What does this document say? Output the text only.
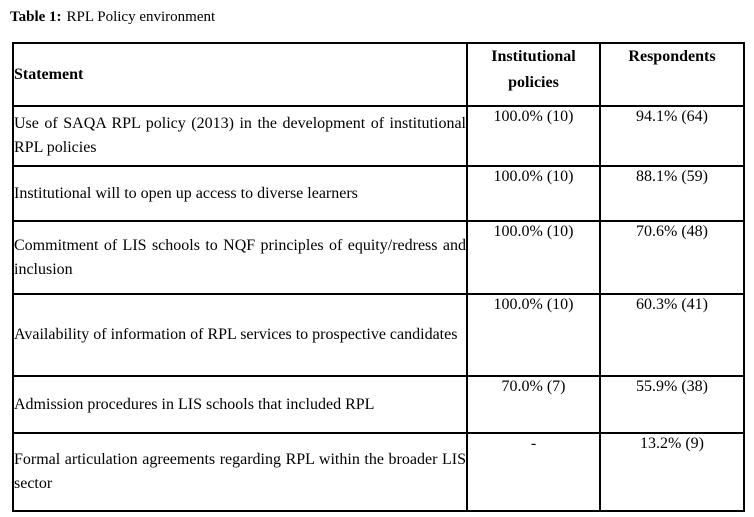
Table 1: RPL Policy environment
Statement	Institutional policies	Respondents
Use of SAQA RPL policy (2013) in the development of institutional RPL policies	100.0% (10)	94.1% (64)
Institutional will to open up access to diverse learners	100.0% (10)	88.1% (59)
Commitment of LIS schools to NQF principles of equity/redress and inclusion	100.0% (10)	70.6% (48)
Availability of information of RPL services to prospective candidates	100.0% (10)	60.3% (41)
Admission procedures in LIS schools that included RPL	70.0% (7)	55.9% (38)
Formal articulation agreements regarding RPL within the broader LIS sector	-	13.2% (9)
